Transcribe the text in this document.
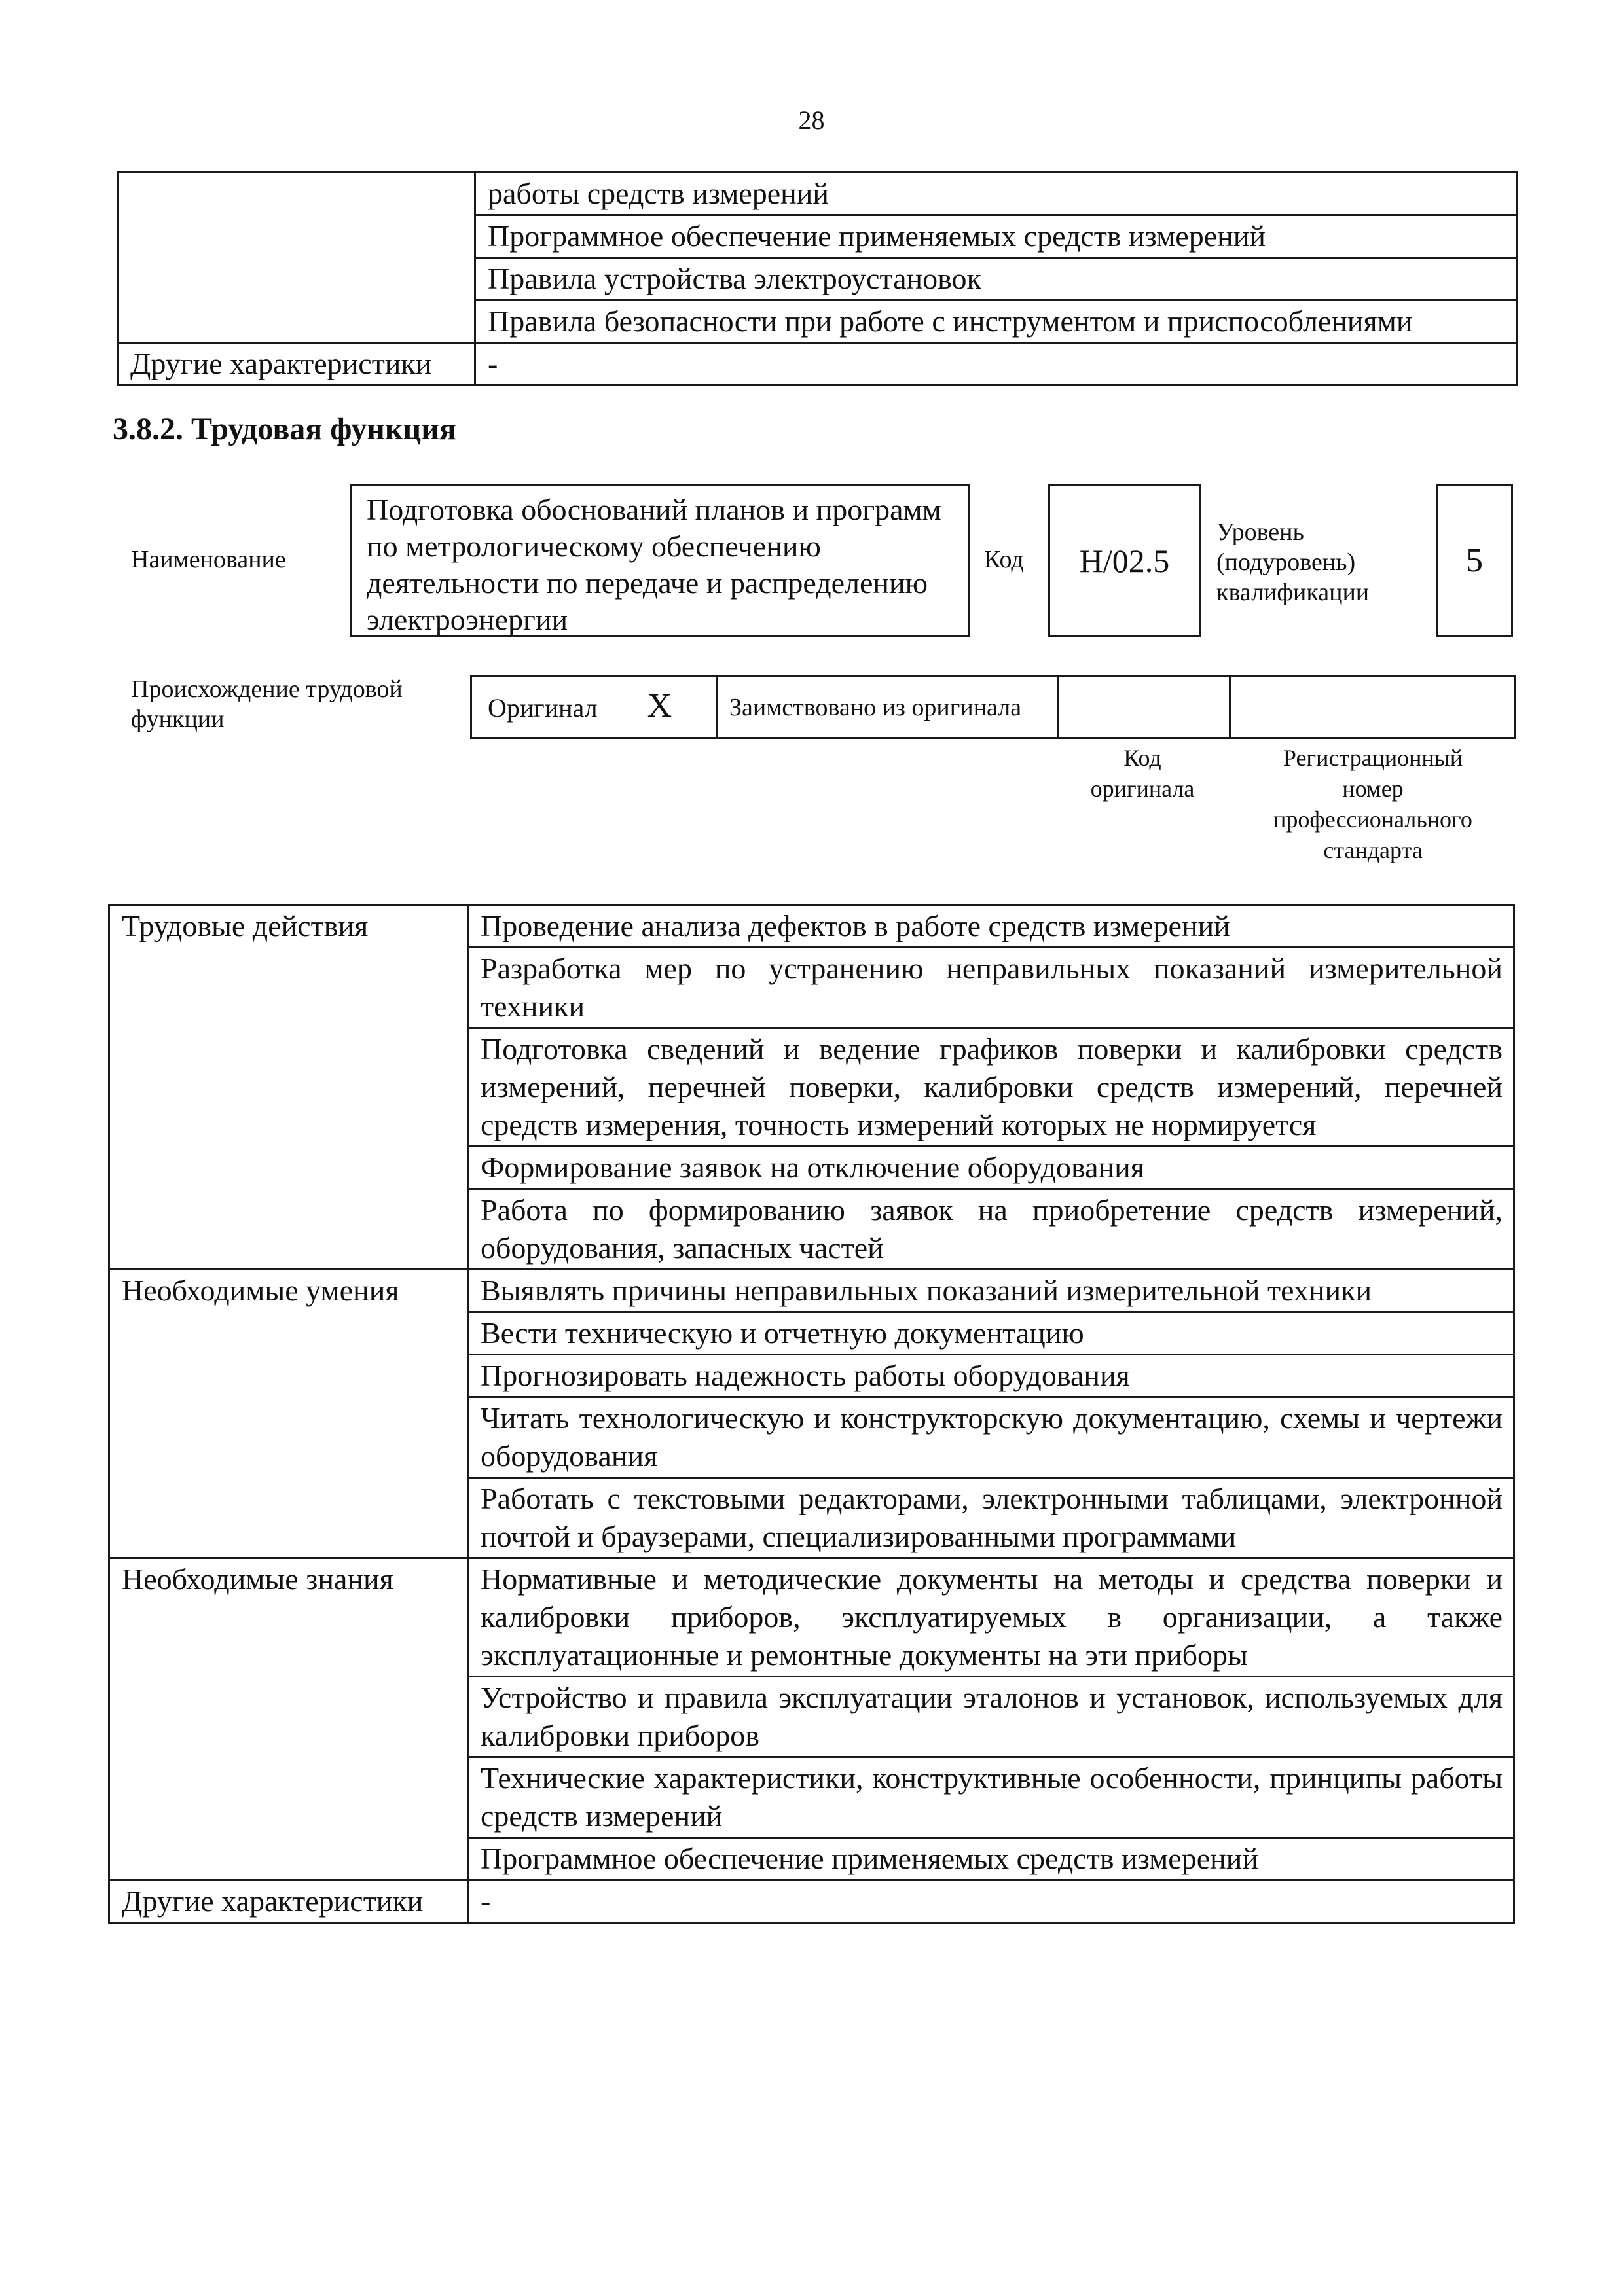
28
	работы средств измерений
	Программное обеспечение применяемых средств измерений
	Правила устройства электроустановок
	Правила безопасности при работе с инструментом и приспособлениями
Другие характеристики	-
3.8.2. Трудовая функция
Наименование
Подготовка обоснований планов и программ по метрологическому обеспечению деятельности по передаче и распределению электроэнергии
Код	Н/02.5
Уровень (подуровень) квалификации
5
Происхождение трудовой функции	Оригинал X	Заимствовано из оригинала		
Код оригинала
Регистрационный номер профессионального стандарта
Трудовые действия	Проведение анализа дефектов в работе средств измерений
	Разработка мер по устранению неправильных показаний измерительной техники
	Подготовка сведений и ведение графиков поверки и калибровки средств измерений, перечней поверки, калибровки средств измерений, перечней средств измерения, точность измерений которых не нормируется
	Формирование заявок на отключение оборудования
	Работа по формированию заявок на приобретение средств измерений, оборудования, запасных частей
Необходимые умения	Выявлять причины неправильных показаний измерительной техники
	Вести техническую и отчетную документацию
	Прогнозировать надежность работы оборудования
	Читать технологическую и конструкторскую документацию, схемы и чертежи оборудования
	Работать с текстовыми редакторами, электронными таблицами, электронной почтой и браузерами, специализированными программами
Необходимые знания	Нормативные и методические документы на методы и средства поверки и калибровки приборов, эксплуатируемых в организации, а также эксплуатационные и ремонтные документы на эти приборы
	Устройство и правила эксплуатации эталонов и установок, используемых для калибровки приборов
	Технические характеристики, конструктивные особенности, принципы работы средств измерений
	Программное обеспечение применяемых средств измерений
Другие характеристики	-
